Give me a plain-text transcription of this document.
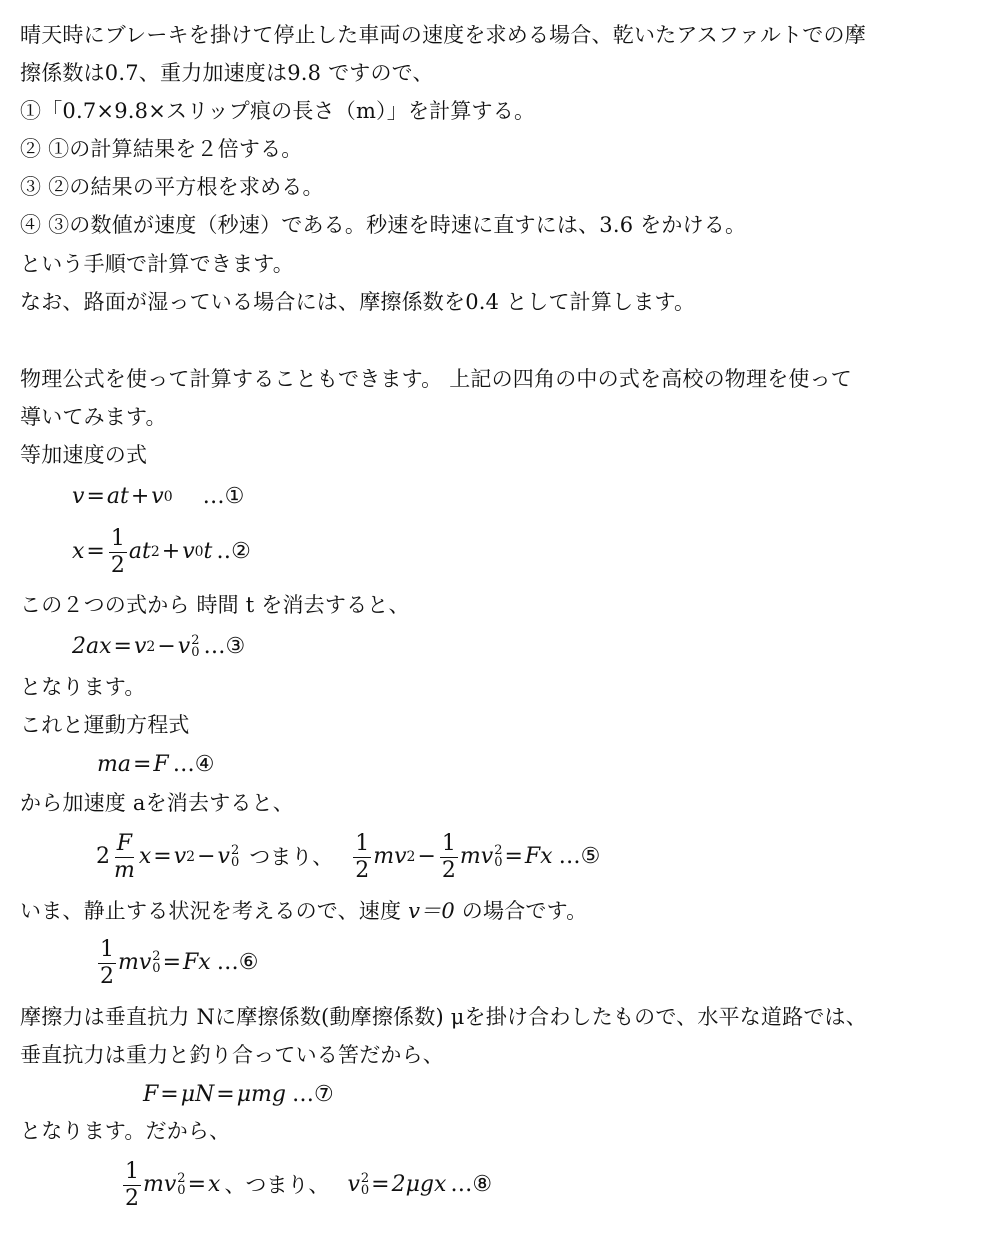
晴天時にブレーキを掛けて停止した車両の速度を求める場合、乾いたアスファルトでの摩
擦係数は0.7、重力加速度は9.8 ですので、
①「0.7×9.8×スリップ痕の長さ（m）」を計算する。
② ①の計算結果を２倍する。
③ ②の結果の平方根を求める。
④ ③の数値が速度（秒速）である。秒速を時速に直すには、3.6 をかける。
という手順で計算できます。
なお、路面が湿っている場合には、摩擦係数を0.4 として計算します。
物理公式を使って計算することもできます。 上記の四角の中の式を高校の物理を使って
導いてみます。
等加速度の式
v = at + v 0 …①
$x = \frac{1}{2}$ at 2 + v 0 t ‥②
この２つの式から 時間 t を消去すると、
2ax = v 2 − v 2
0 …③
となります。
これと運動方程式
ma = F …④
から加速度 aを消去すると、
$2 \frac{F}{m}$ x = v 2 − v 2
0 つまり、 $\frac{1}{2}$ mv $2 - \frac{1}{2}$ mv 2
0 = Fx …⑤
いま、静止する状況を考えるので、速度 v＝0 の場合です。
$\frac{1}{2}$ mv 2
0 = Fx …⑥
摩擦力は垂直抗力 Nに摩擦係数(動摩擦係数) μを掛け合わしたもので、水平な道路では、
垂直抗力は重力と釣り合っている筈だから、
F = μN = μmg …⑦
となります。だから、
$\frac{1}{2}$ mv 2
0 = x 、つまり、 v 2
0 = 2μgx …⑧
